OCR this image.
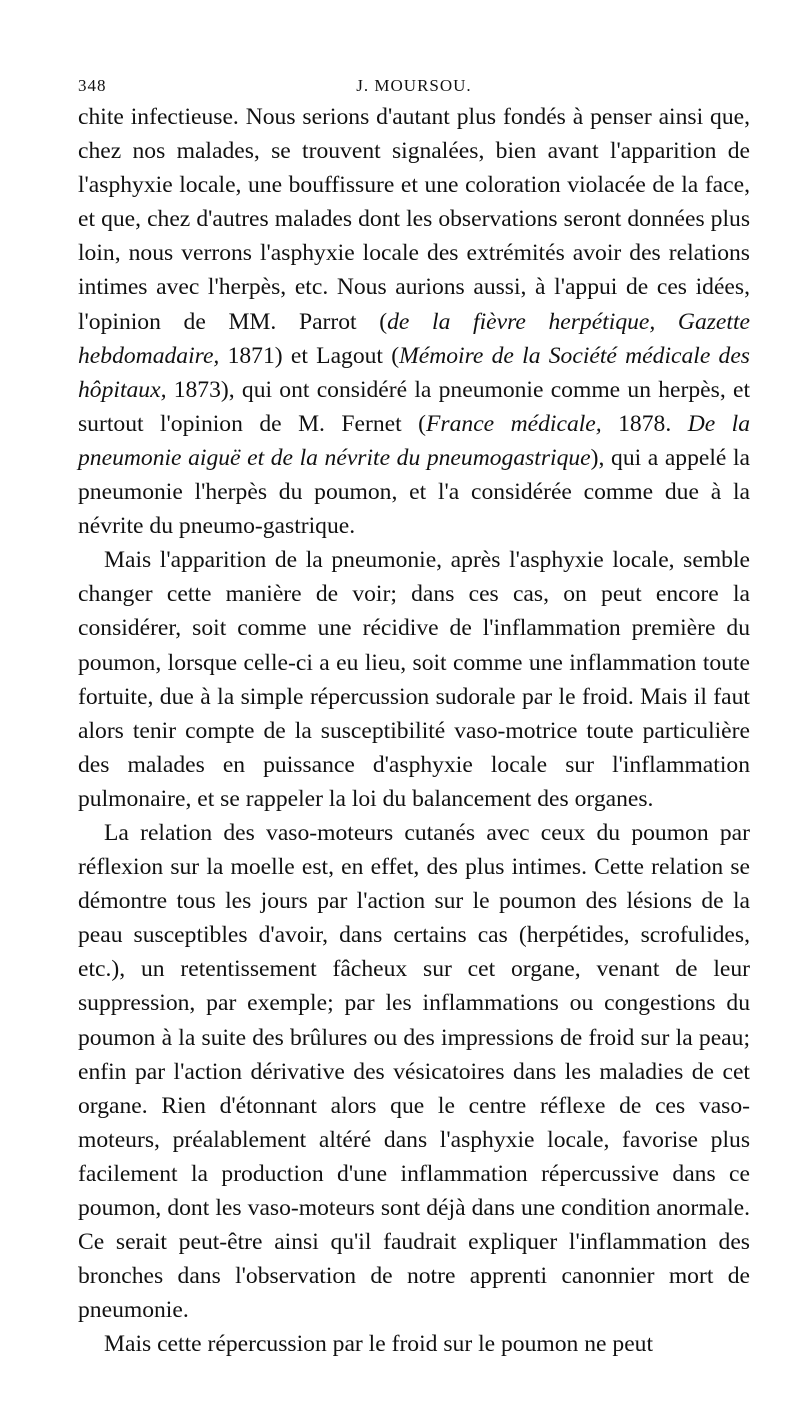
348	J. MOURSOU.

chite infectieuse. Nous serions d'autant plus fondés à penser ainsi que, chez nos malades, se trouvent signalées, bien avant l'apparition de l'asphyxie locale, une bouffissure et une coloration violacée de la face, et que, chez d'autres malades dont les observations seront données plus loin, nous verrons l'asphyxie locale des extrémités avoir des relations intimes avec l'herpès, etc. Nous aurions aussi, à l'appui de ces idées, l'opinion de MM. Parrot (de la fièvre herpétique, Gazette hebdomadaire, 1871) et Lagout (Mémoire de la Société médicale des hôpitaux, 1873), qui ont considéré la pneumonie comme un herpès, et surtout l'opinion de M. Fernet (France médicale, 1878. De la pneumonie aiguë et de la névrite du pneumogastrique), qui a appelé la pneumonie l'herpès du poumon, et l'a considérée comme due à la névrite du pneumo-gastrique.

Mais l'apparition de la pneumonie, après l'asphyxie locale, semble changer cette manière de voir; dans ces cas, on peut encore la considérer, soit comme une récidive de l'inflammation première du poumon, lorsque celle-ci a eu lieu, soit comme une inflammation toute fortuite, due à la simple répercussion sudorale par le froid. Mais il faut alors tenir compte de la susceptibilité vaso-motrice toute particulière des malades en puissance d'asphyxie locale sur l'inflammation pulmonaire, et se rappeler la loi du balancement des organes.

La relation des vaso-moteurs cutanés avec ceux du poumon par réflexion sur la moelle est, en effet, des plus intimes. Cette relation se démontre tous les jours par l'action sur le poumon des lésions de la peau susceptibles d'avoir, dans certains cas (herpétides, scrofulides, etc.), un retentissement fâcheux sur cet organe, venant de leur suppression, par exemple; par les inflammations ou congestions du poumon à la suite des brûlures ou des impressions de froid sur la peau; enfin par l'action dérivative des vésicatoires dans les maladies de cet organe. Rien d'étonnant alors que le centre réflexe de ces vaso-moteurs, préalablement altéré dans l'asphyxie locale, favorise plus facilement la production d'une inflammation répercussive dans ce poumon, dont les vaso-moteurs sont déjà dans une condition anormale. Ce serait peut-être ainsi qu'il faudrait expliquer l'inflammation des bronches dans l'observation de notre apprenti canonnier mort de pneumonie.

Mais cette répercussion par le froid sur le poumon ne peut
